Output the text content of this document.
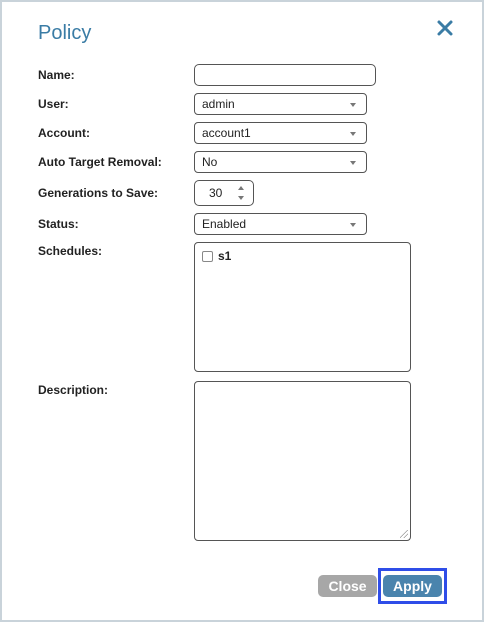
Policy
Name:
User:	admin
Account:	account1
Auto Target Removal:	No
Generations to Save:	30
Status:	Enabled
Schedules:	s1
Description:
Close	Apply
